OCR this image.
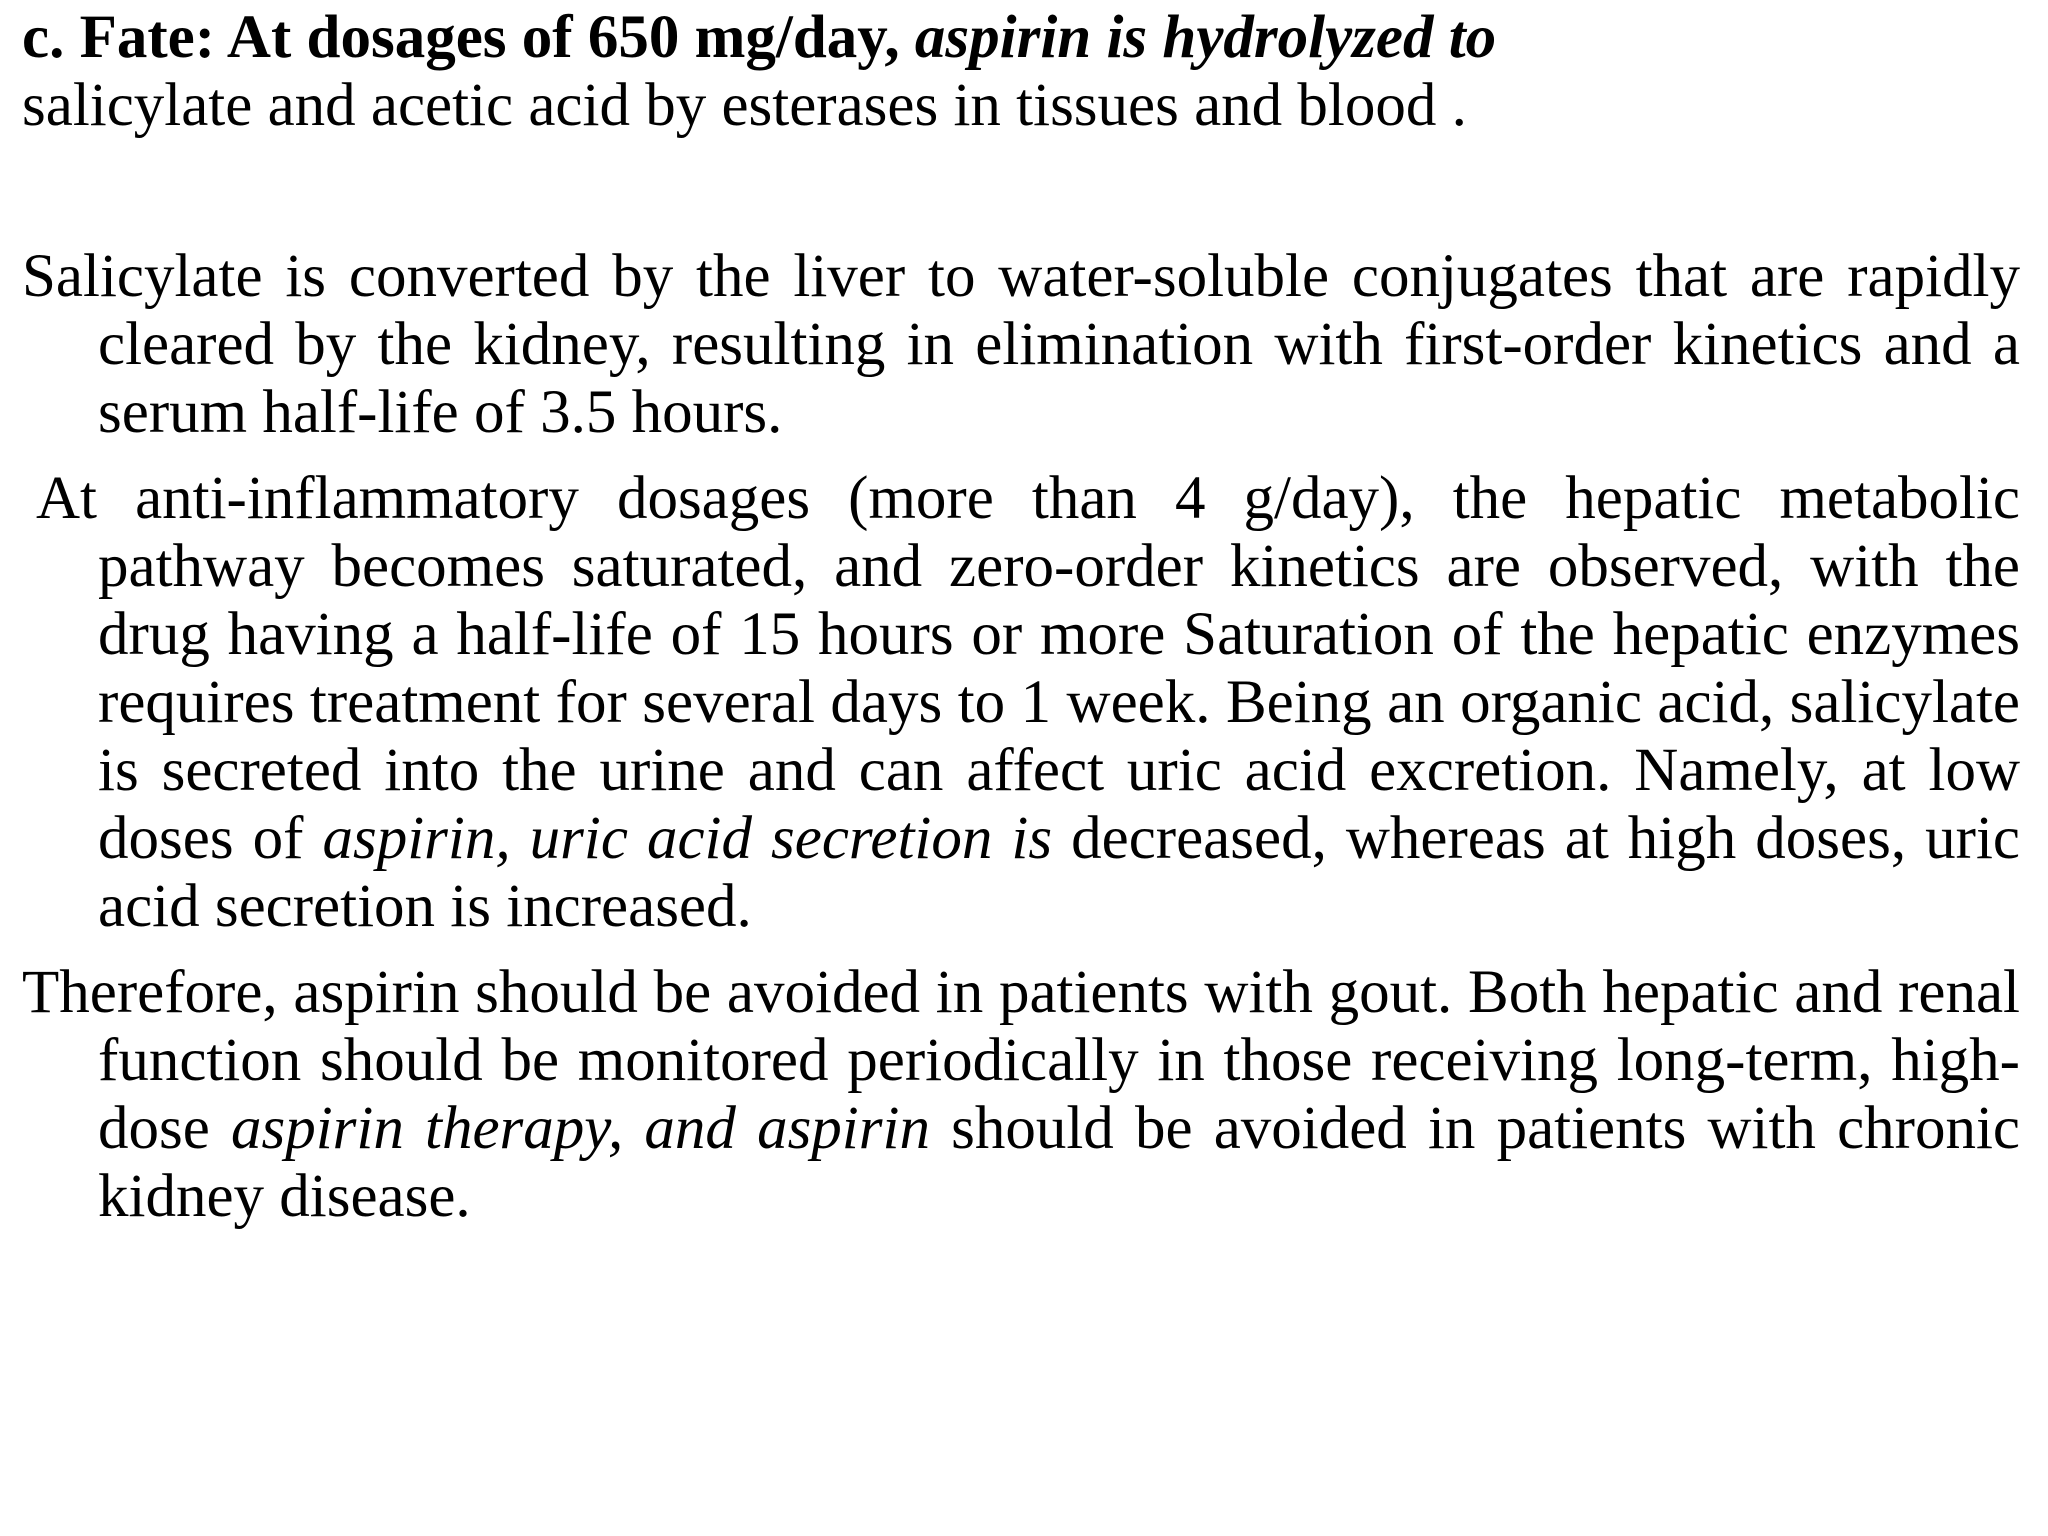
c. Fate: At dosages of 650 mg/day, aspirin is hydrolyzed to
salicylate and acetic acid by esterases in tissues and blood .

Salicylate is converted by the liver to water-soluble conjugates that are rapidly cleared by the kidney, resulting in elimination with first-order kinetics and a serum half-life of 3.5 hours.

At anti-inflammatory dosages (more than 4 g/day), the hepatic metabolic pathway becomes saturated, and zero-order kinetics are observed, with the drug having a half-life of 15 hours or more Saturation of the hepatic enzymes requires treatment for several days to 1 week. Being an organic acid, salicylate is secreted into the urine and can affect uric acid excretion. Namely, at low doses of aspirin, uric acid secretion is decreased, whereas at high doses, uric acid secretion is increased.

Therefore, aspirin should be avoided in patients with gout. Both hepatic and renal function should be monitored periodically in those receiving long-term, high-dose aspirin therapy, and aspirin should be avoided in patients with chronic kidney disease.
